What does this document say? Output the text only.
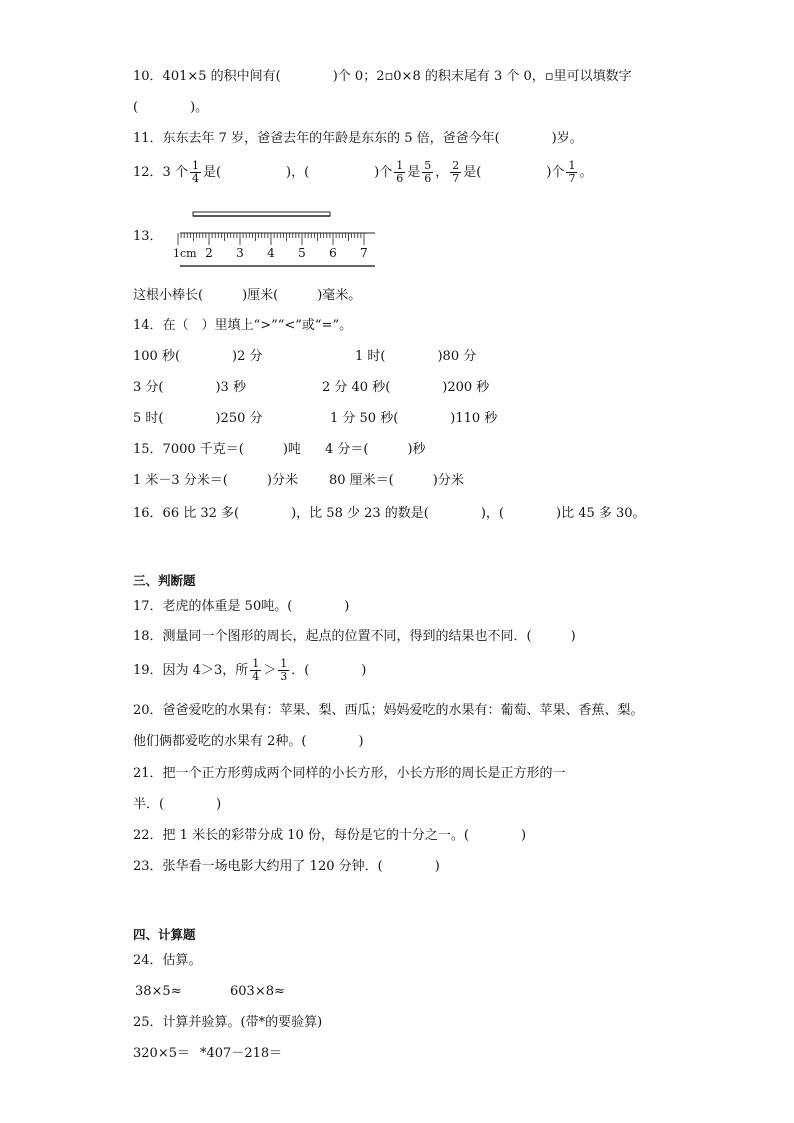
10．401×5 的积中间有(　　　　)个 0；2▫0×8 的积末尾有 3 个 0，▫里可以填数字
(　　　　)。
11．东东去年 7 岁，爸爸去年的年龄是东东的 5 倍，爸爸今年(　　　　)岁。
12．3 个 $\frac{1}{4}$ 是(　　　　　)，(　　　　　)个 $\frac{1}{6}$ 是 $\frac{5}{6}$ ， $\frac{2}{7}$ 是(　　　　　)个 $\frac{1}{7}$ 。
13．
1cm 2 3 4 5 6 7
这根小棒长(　　　)厘米(　　　)毫米。
14．在（　）里填上“>”“<”或“=”。
100 秒(　　　　)2 分	1 时(　　　　)80 分
3 分(　　　　)3 秒	2 分 40 秒(　　　　)200 秒
5 时(　　　　)250 分	1 分 50 秒(　　　　)110 秒
15．7000 千克＝(　　　)吨 4 分＝(　　　)秒
1 米－3 分米＝(　　　)分米 80 厘米＝(　　　)分米
16．66 比 32 多(　　　　)，比 58 少 23 的数是(　　　　)，(　　　　)比 45 多 30。
三、判断题
17．老虎的体重是 50吨。(　　　　)
18．测量同一个图形的周长，起点的位置不同，得到的结果也不同．(　　　)
19．因为 4＞3，所 $\frac{1}{4} > \frac{1}{3}$ ．(　　　　)
20．爸爸爱吃的水果有：苹果、梨、西瓜；妈妈爱吃的水果有：葡萄、苹果、香蕉、梨。
他们俩都爱吃的水果有 2种。(　　　　)
21．把一个正方形剪成两个同样的小长方形，小长方形的周长是正方形的一
半．(　　　　)
22．把 1 米长的彩带分成 10 份，每份是它的十分之一。(　　　　)
23．张华看一场电影大约用了 120 分钟．(　　　　)
四、计算题
24．估算。
38×5≈	603×8≈
25．计算并验算。(带*的要验算)
320×5＝ *407－218＝
